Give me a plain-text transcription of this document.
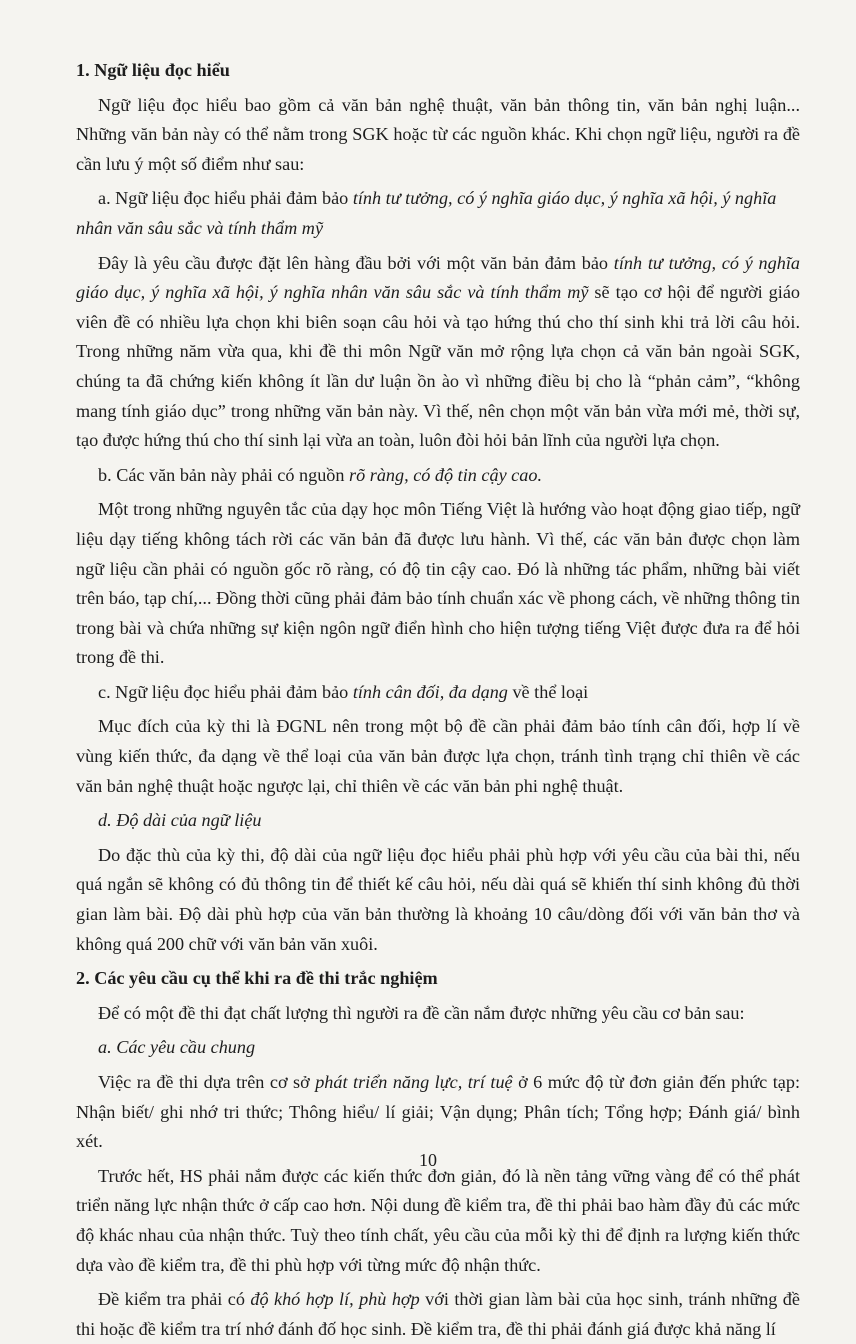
1. Ngữ liệu đọc hiểu
Ngữ liệu đọc hiểu bao gồm cả văn bản nghệ thuật, văn bản thông tin, văn bản nghị luận... Những văn bản này có thể nằm trong SGK hoặc từ các nguồn khác. Khi chọn ngữ liệu, người ra đề cần lưu ý một số điểm như sau:
a. Ngữ liệu đọc hiểu phải đảm bảo tính tư tưởng, có ý nghĩa giáo dục, ý nghĩa xã hội, ý nghĩa nhân văn sâu sắc và tính thẩm mỹ
Đây là yêu cầu được đặt lên hàng đầu bởi với một văn bản đảm bảo tính tư tưởng, có ý nghĩa giáo dục, ý nghĩa xã hội, ý nghĩa nhân văn sâu sắc và tính thẩm mỹ sẽ tạo cơ hội để người giáo viên đề có nhiều lựa chọn khi biên soạn câu hỏi và tạo hứng thú cho thí sinh khi trả lời câu hỏi. Trong những năm vừa qua, khi đề thi môn Ngữ văn mở rộng lựa chọn cả văn bản ngoài SGK, chúng ta đã chứng kiến không ít lần dư luận ồn ào vì những điều bị cho là “phản cảm”, “không mang tính giáo dục” trong những văn bản này. Vì thế, nên chọn một văn bản vừa mới mẻ, thời sự, tạo được hứng thú cho thí sinh lại vừa an toàn, luôn đòi hỏi bản lĩnh của người lựa chọn.
b. Các văn bản này phải có nguồn rõ ràng, có độ tin cậy cao.
Một trong những nguyên tắc của dạy học môn Tiếng Việt là hướng vào hoạt động giao tiếp, ngữ liệu dạy tiếng không tách rời các văn bản đã được lưu hành. Vì thế, các văn bản được chọn làm ngữ liệu cần phải có nguồn gốc rõ ràng, có độ tin cậy cao. Đó là những tác phẩm, những bài viết trên báo, tạp chí,... Đồng thời cũng phải đảm bảo tính chuẩn xác về phong cách, về những thông tin trong bài và chứa những sự kiện ngôn ngữ điển hình cho hiện tượng tiếng Việt được đưa ra để hỏi trong đề thi.
c. Ngữ liệu đọc hiểu phải đảm bảo tính cân đối, đa dạng về thể loại
Mục đích của kỳ thi là ĐGNL nên trong một bộ đề cần phải đảm bảo tính cân đối, hợp lí về vùng kiến thức, đa dạng về thể loại của văn bản được lựa chọn, tránh tình trạng chỉ thiên về các văn bản nghệ thuật hoặc ngược lại, chỉ thiên về các văn bản phi nghệ thuật.
d. Độ dài của ngữ liệu
Do đặc thù của kỳ thi, độ dài của ngữ liệu đọc hiểu phải phù hợp với yêu cầu của bài thi, nếu quá ngắn sẽ không có đủ thông tin để thiết kế câu hỏi, nếu dài quá sẽ khiến thí sinh không đủ thời gian làm bài. Độ dài phù hợp của văn bản thường là khoảng 10 câu/dòng đối với văn bản thơ và không quá 200 chữ với văn bản văn xuôi.
2. Các yêu cầu cụ thể khi ra đề thi trắc nghiệm
Để có một đề thi đạt chất lượng thì người ra đề cần nắm được những yêu cầu cơ bản sau:
a. Các yêu cầu chung
Việc ra đề thi dựa trên cơ sở phát triển năng lực, trí tuệ ở 6 mức độ từ đơn giản đến phức tạp: Nhận biết/ ghi nhớ tri thức; Thông hiểu/ lí giải; Vận dụng; Phân tích; Tổng hợp; Đánh giá/ bình xét.
Trước hết, HS phải nắm được các kiến thức đơn giản, đó là nền tảng vững vàng để có thể phát triển năng lực nhận thức ở cấp cao hơn. Nội dung đề kiểm tra, đề thi phải bao hàm đầy đủ các mức độ khác nhau của nhận thức. Tuỳ theo tính chất, yêu cầu của mỗi kỳ thi để định ra lượng kiến thức dựa vào đề kiểm tra, đề thi phù hợp với từng mức độ nhận thức.
Đề kiểm tra phải có độ khó hợp lí, phù hợp với thời gian làm bài của học sinh, tránh những đề thi hoặc đề kiểm tra trí nhớ đánh đố học sinh. Đề kiểm tra, đề thi phải đánh giá được khả năng lí
10
